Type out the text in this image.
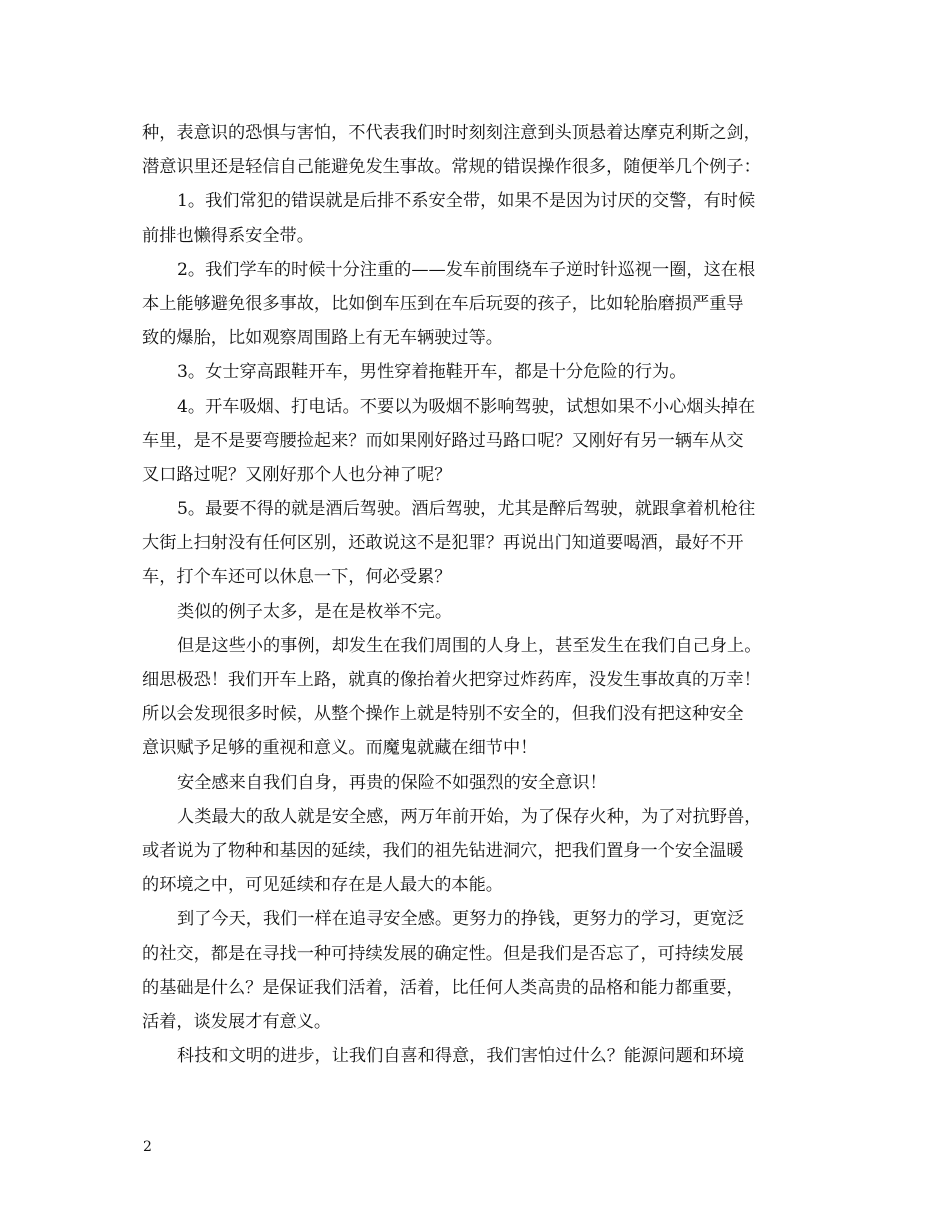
种，表意识的恐惧与害怕，不代表我们时时刻刻注意到头顶悬着达摩克利斯之剑，
潜意识里还是轻信自己能避免发生事故。常规的错误操作很多，随便举几个例子：
1。我们常犯的错误就是后排不系安全带，如果不是因为讨厌的交警，有时候
前排也懒得系安全带。
2。我们学车的时候十分注重的——发车前围绕车子逆时针巡视一圈，这在根
本上能够避免很多事故，比如倒车压到在车后玩耍的孩子，比如轮胎磨损严重导
致的爆胎，比如观察周围路上有无车辆驶过等。
3。女士穿高跟鞋开车，男性穿着拖鞋开车，都是十分危险的行为。
4。开车吸烟、打电话。不要以为吸烟不影响驾驶，试想如果不小心烟头掉在
车里，是不是要弯腰捡起来？而如果刚好路过马路口呢？又刚好有另一辆车从交
叉口路过呢？又刚好那个人也分神了呢？
5。最要不得的就是酒后驾驶。酒后驾驶，尤其是醉后驾驶，就跟拿着机枪往
大街上扫射没有任何区别，还敢说这不是犯罪？再说出门知道要喝酒，最好不开
车，打个车还可以休息一下，何必受累？
类似的例子太多，是在是枚举不完。
但是这些小的事例，却发生在我们周围的人身上，甚至发生在我们自己身上。
细思极恐！我们开车上路，就真的像抬着火把穿过炸药库，没发生事故真的万幸！
所以会发现很多时候，从整个操作上就是特别不安全的，但我们没有把这种安全
意识赋予足够的重视和意义。而魔鬼就藏在细节中！
安全感来自我们自身，再贵的保险不如强烈的安全意识！
人类最大的敌人就是安全感，两万年前开始，为了保存火种，为了对抗野兽，
或者说为了物种和基因的延续，我们的祖先钻进洞穴，把我们置身一个安全温暖
的环境之中，可见延续和存在是人最大的本能。
到了今天，我们一样在追寻安全感。更努力的挣钱，更努力的学习，更宽泛
的社交，都是在寻找一种可持续发展的确定性。但是我们是否忘了，可持续发展
的基础是什么？是保证我们活着，活着，比任何人类高贵的品格和能力都重要，
活着，谈发展才有意义。
科技和文明的进步，让我们自喜和得意，我们害怕过什么？能源问题和环境
2
